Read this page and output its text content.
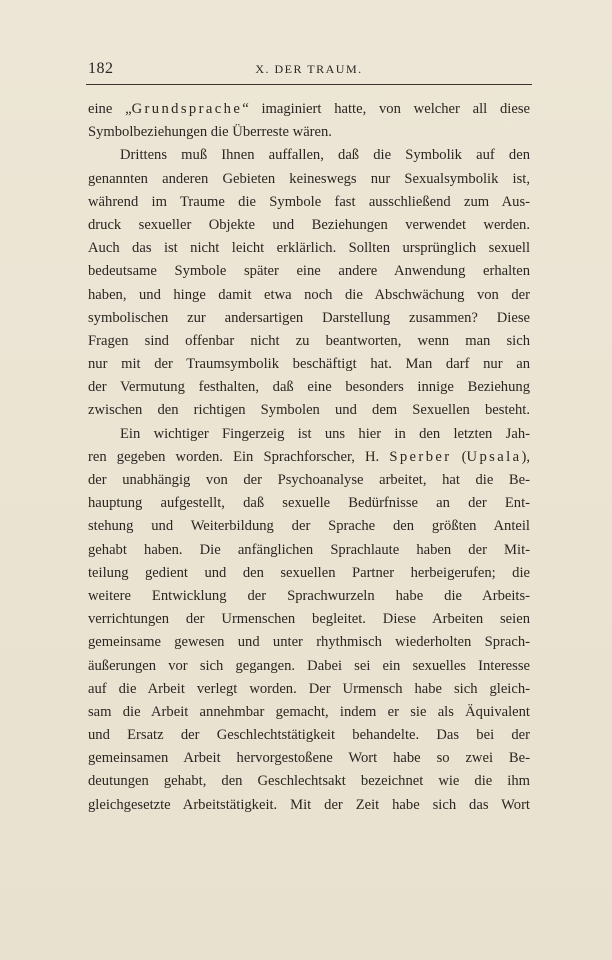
182	X. DER TRAUM.
eine „Grundsprache“ imaginiert hatte, von welcher all diese
Symbolbeziehungen die Überreste wären.
Drittens muß Ihnen auffallen, daß die Symbolik auf den
genannten anderen Gebieten keineswegs nur Sexualsymbolik ist,
während im Traume die Symbole fast ausschließend zum Aus-
druck sexueller Objekte und Beziehungen verwendet werden.
Auch das ist nicht leicht erklärlich. Sollten ursprünglich sexuell
bedeutsame Symbole später eine andere Anwendung erhalten
haben, und hinge damit etwa noch die Abschwächung von der
symbolischen zur andersartigen Darstellung zusammen? Diese
Fragen sind offenbar nicht zu beantworten, wenn man sich
nur mit der Traumsymbolik beschäftigt hat. Man darf nur an
der Vermutung festhalten, daß eine besonders innige Beziehung
zwischen den richtigen Symbolen und dem Sexuellen besteht.
Ein wichtiger Fingerzeig ist uns hier in den letzten Jah-
ren gegeben worden. Ein Sprachforscher, H. Sperber (Upsala),
der unabhängig von der Psychoanalyse arbeitet, hat die Be-
hauptung aufgestellt, daß sexuelle Bedürfnisse an der Ent-
stehung und Weiterbildung der Sprache den größten Anteil
gehabt haben. Die anfänglichen Sprachlaute haben der Mit-
teilung gedient und den sexuellen Partner herbeigerufen; die
weitere Entwicklung der Sprachwurzeln habe die Arbeits-
verrichtungen der Urmenschen begleitet. Diese Arbeiten seien
gemeinsame gewesen und unter rhythmisch wiederholten Sprach-
äußerungen vor sich gegangen. Dabei sei ein sexuelles Interesse
auf die Arbeit verlegt worden. Der Urmensch habe sich gleich-
sam die Arbeit annehmbar gemacht, indem er sie als Äquivalent
und Ersatz der Geschlechtstätigkeit behandelte. Das bei der
gemeinsamen Arbeit hervorgestoßene Wort habe so zwei Be-
deutungen gehabt, den Geschlechtsakt bezeichnet wie die ihm
gleichgesetzte Arbeitstätigkeit. Mit der Zeit habe sich das Wort
